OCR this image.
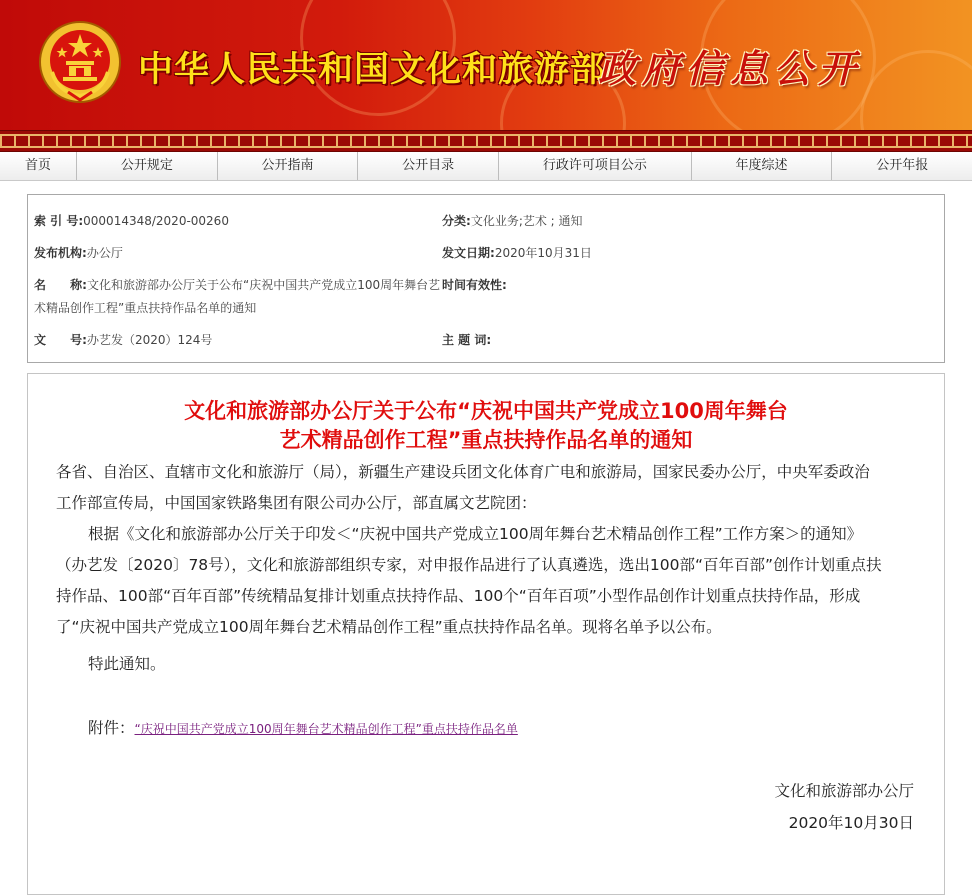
中华人民共和国文化和旅游部
政府信息公开
首页	公开规定	公开指南	公开目录	行政许可项目公示	年度综述	公开年报
索 引 号:000014348/2020-00260	分类:文化业务;艺术 ; 通知
发布机构:办公厅	发文日期:2020年10月31日
名 称:文化和旅游部办公厅关于公布“庆祝中国共产党成立100周年舞台艺
术精品创作工程”重点扶持作品名单的通知
时间有效性:
文 号:办艺发（2020）124号	主 题 词:
文化和旅游部办公厅关于公布“庆祝中国共产党成立100周年舞台
艺术精品创作工程”重点扶持作品名单的通知
各省、自治区、直辖市文化和旅游厅（局），新疆生产建设兵团文化体育广电和旅游局，国家民委办公厅，中央军委政治
工作部宣传局，中国国家铁路集团有限公司办公厅，部直属文艺院团：
根据《文化和旅游部办公厅关于印发＜“庆祝中国共产党成立100周年舞台艺术精品创作工程”工作方案＞的通知》
（办艺发〔2020〕78号），文化和旅游部组织专家，对申报作品进行了认真遴选，选出100部“百年百部”创作计划重点扶
持作品、100部“百年百部”传统精品复排计划重点扶持作品、100个“百年百项”小型作品创作计划重点扶持作品，形成
了“庆祝中国共产党成立100周年舞台艺术精品创作工程”重点扶持作品名单。现将名单予以公布。
特此通知。
附件：“庆祝中国共产党成立100周年舞台艺术精品创作工程”重点扶持作品名单
文化和旅游部办公厅
2020年10月30日
